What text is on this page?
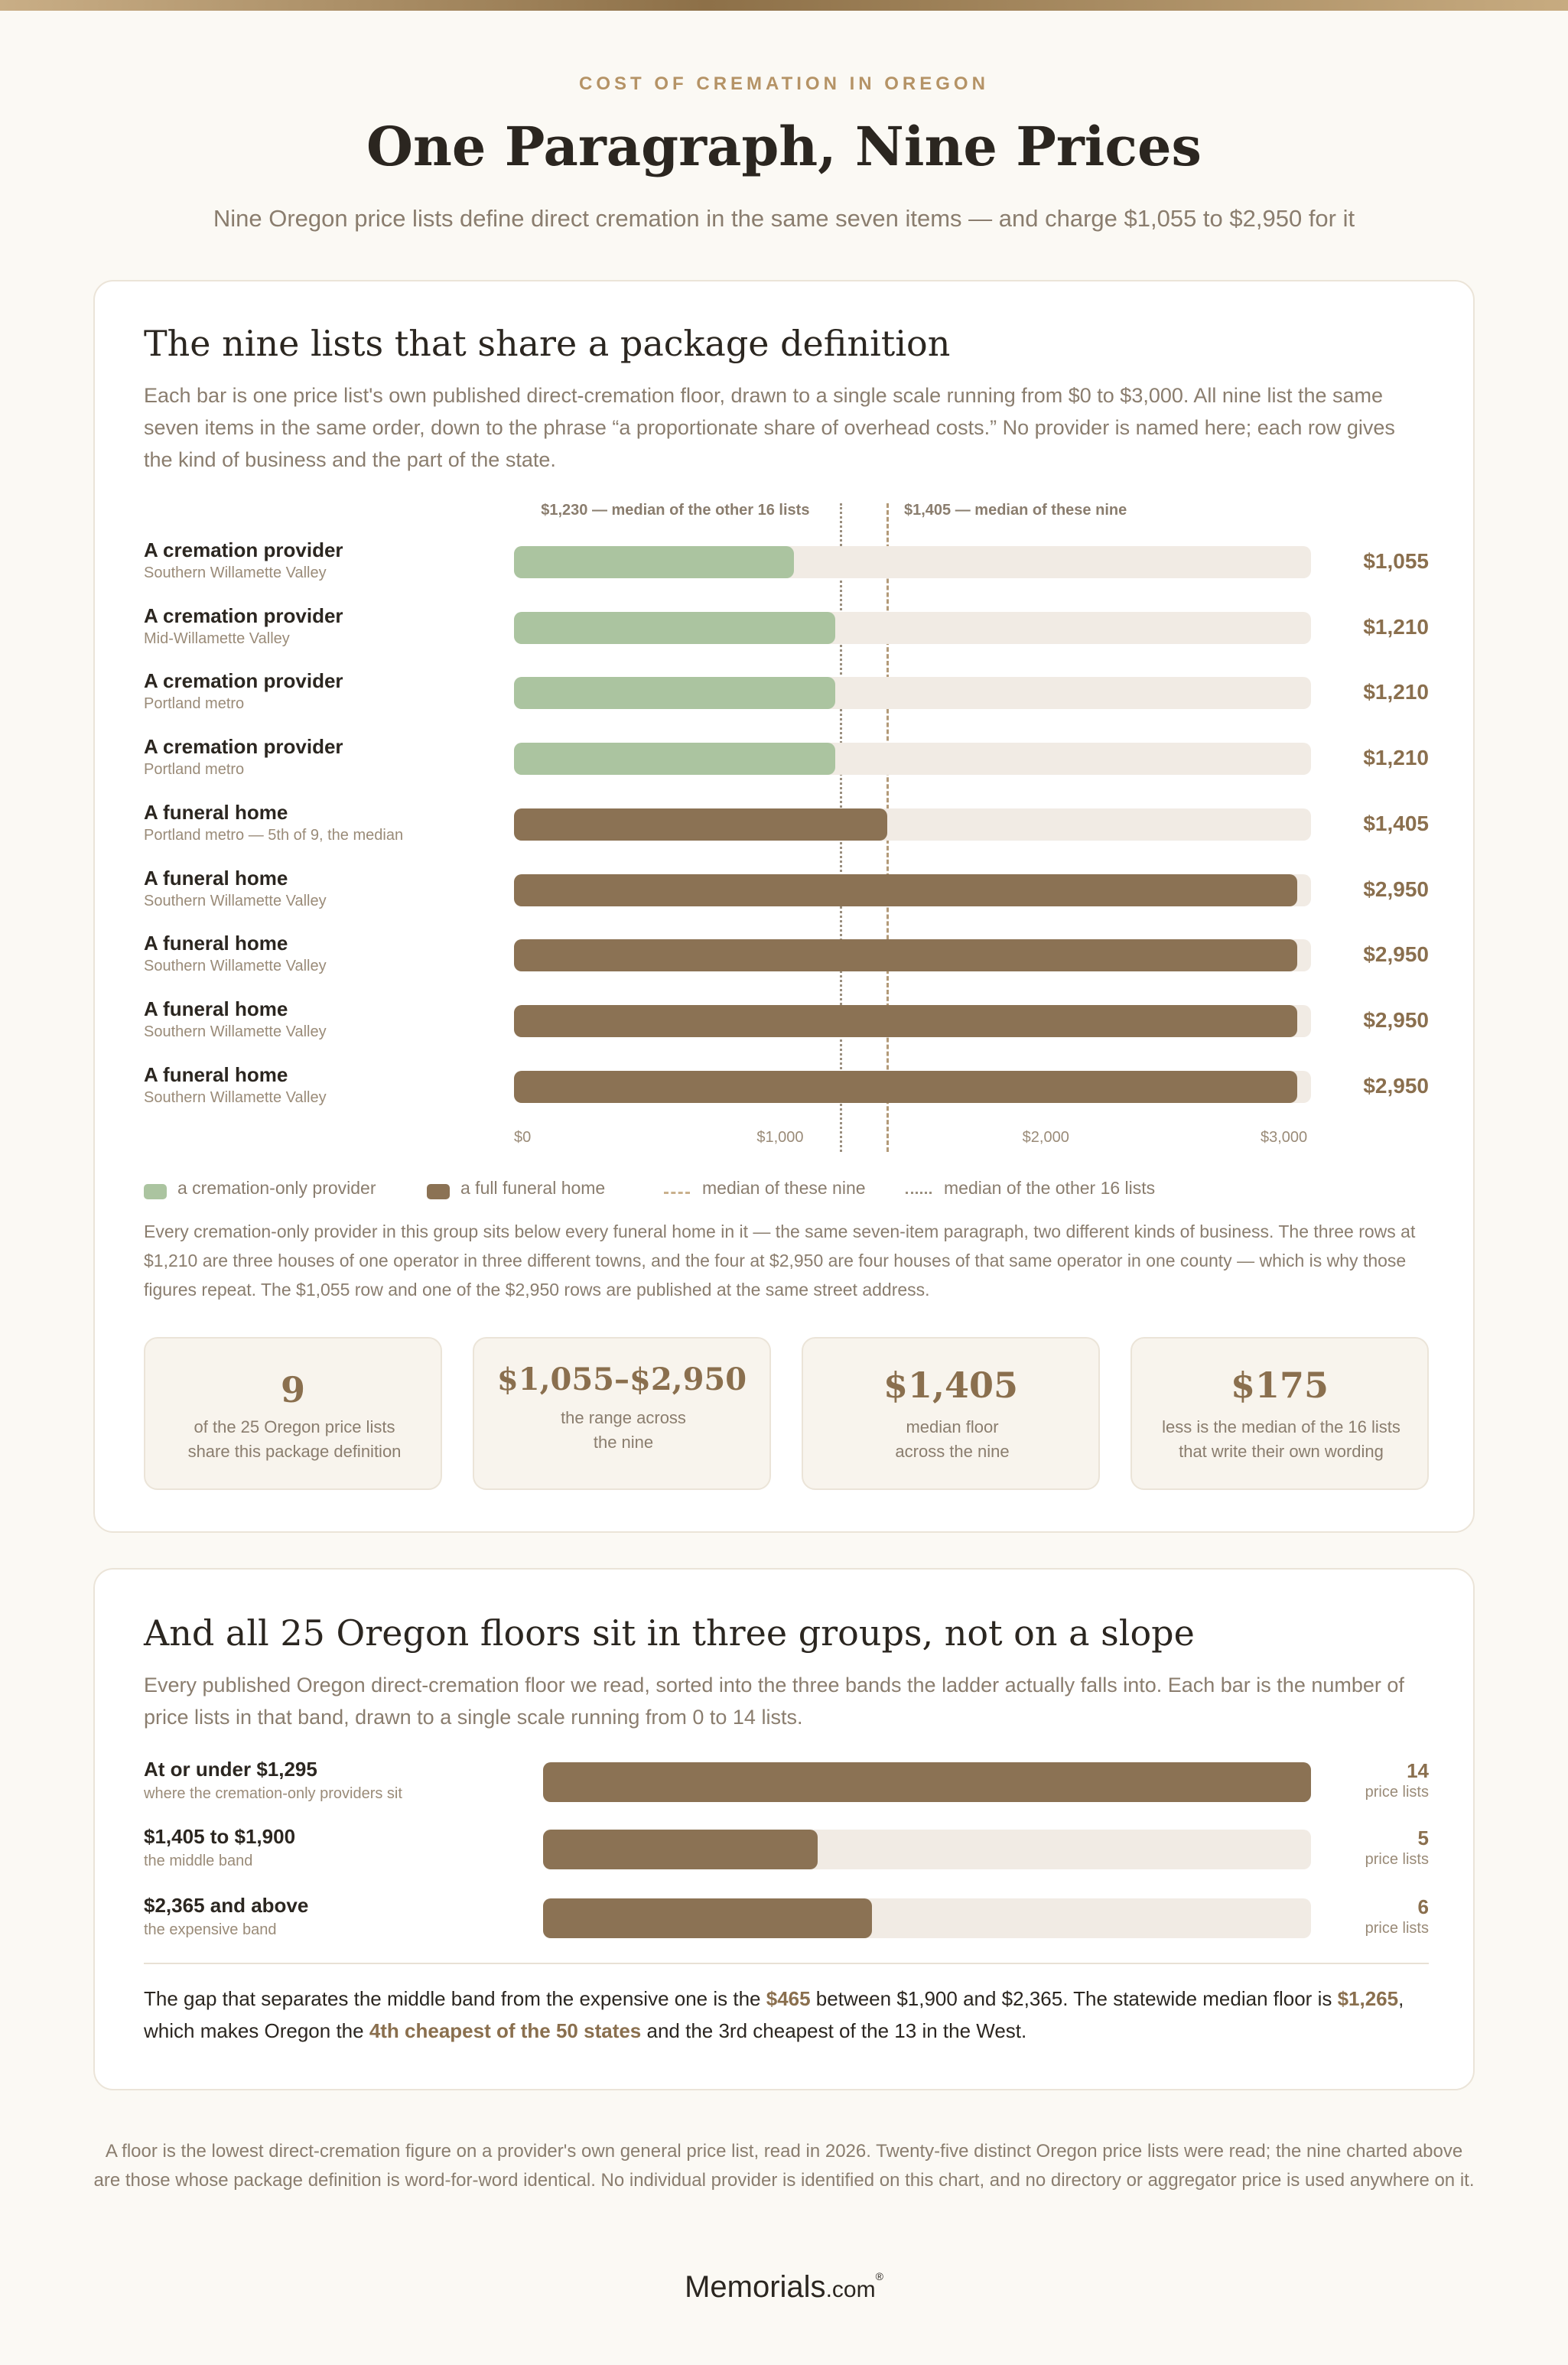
COST OF CREMATION IN OREGON
One Paragraph, Nine Prices
Nine Oregon price lists define direct cremation in the same seven items — and charge $1,055 to $2,950 for it
The nine lists that share a package definition
Each bar is one price list's own published direct-cremation floor, drawn to a single scale running from $0 to $3,000. All nine list the same seven items in the same order, down to the phrase “a proportionate share of overhead costs.” No provider is named here; each row gives the kind of business and the part of the state.
$1,230 — median of the other 16 lists	$1,405 — median of these nine
A cremation provider
Southern Willamette Valley	$1,055
A cremation provider
Mid-Willamette Valley	$1,210
A cremation provider
Portland metro	$1,210
A cremation provider
Portland metro	$1,210
A funeral home
Portland metro — 5th of 9, the median	$1,405
A funeral home
Southern Willamette Valley	$2,950
A funeral home
Southern Willamette Valley	$2,950
A funeral home
Southern Willamette Valley	$2,950
A funeral home
Southern Willamette Valley	$2,950
$0	$1,000	$2,000	$3,000
a cremation-only provider	a full funeral home	median of these nine	median of the other 16 lists
Every cremation-only provider in this group sits below every funeral home in it — the same seven-item paragraph, two different kinds of business. The three rows at $1,210 are three houses of one operator in three different towns, and the four at $2,950 are four houses of that same operator in one county — which is why those figures repeat. The $1,055 row and one of the $2,950 rows are published at the same street address.
9
of the 25 Oregon price lists
share this package definition
$1,055–$2,950
the range across
the nine
$1,405
median floor
across the nine
$175
less is the median of the 16 lists
that write their own wording
And all 25 Oregon floors sit in three groups, not on a slope
Every published Oregon direct-cremation floor we read, sorted into the three bands the ladder actually falls into. Each bar is the number of price lists in that band, drawn to a single scale running from 0 to 14 lists.
At or under $1,295
where the cremation-only providers sit
14
price lists
$1,405 to $1,900
the middle band
5
price lists
$2,365 and above
the expensive band
6
price lists
The gap that separates the middle band from the expensive one is the $465 between $1,900 and $2,365. The statewide median floor is $1,265, which makes Oregon the 4th cheapest of the 50 states and the 3rd cheapest of the 13 in the West.
A floor is the lowest direct-cremation figure on a provider's own general price list, read in 2026. Twenty-five distinct Oregon price lists were read; the nine charted above are those whose package definition is word-for-word identical. No individual provider is identified on this chart, and no directory or aggregator price is used anywhere on it.
Memorials.com®
